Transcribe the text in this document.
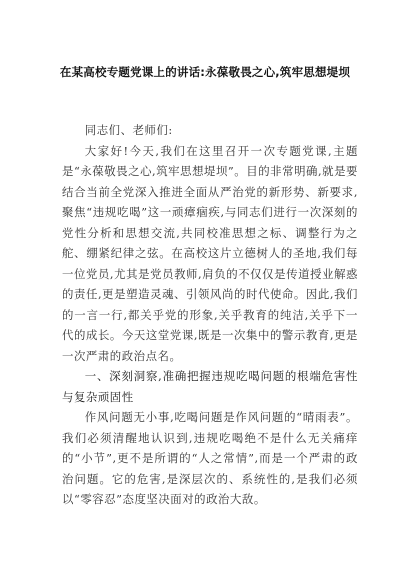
在某高校专题党课上的讲话:永葆敬畏之心,筑牢思想堤坝

同志们、老师们:

大家好!今天,我们在这里召开一次专题党课,主题是“永葆敬畏之心,筑牢思想堤坝”。目的非常明确,就是要结合当前全党深入推进全面从严治党的新形势、新要求,聚焦“违规吃喝”这一顽瘴痼疾,与同志们进行一次深刻的党性分析和思想交流,共同校准思想之标、调整行为之舵、绷紧纪律之弦。在高校这片立德树人的圣地,我们每一位党员,尤其是党员教师,肩负的不仅仅是传道授业解惑的责任,更是塑造灵魂、引领风尚的时代使命。因此,我们的一言一行,都关乎党的形象,关乎教育的纯洁,关乎下一代的成长。今天这堂党课,既是一次集中的警示教育,更是一次严肃的政治点名。

一、深刻洞察,准确把握违规吃喝问题的根端危害性与复杂顽固性

作风问题无小事,吃喝问题是作风问题的“晴雨表”。我们必须清醒地认识到,违规吃喝绝不是什么无关痛痒的“小节”,更不是所谓的“人之常情”,而是一个严肃的政治问题。它的危害,是深层次的、系统性的,是我们必须以“零容忍”态度坚决面对的政治大敌。
